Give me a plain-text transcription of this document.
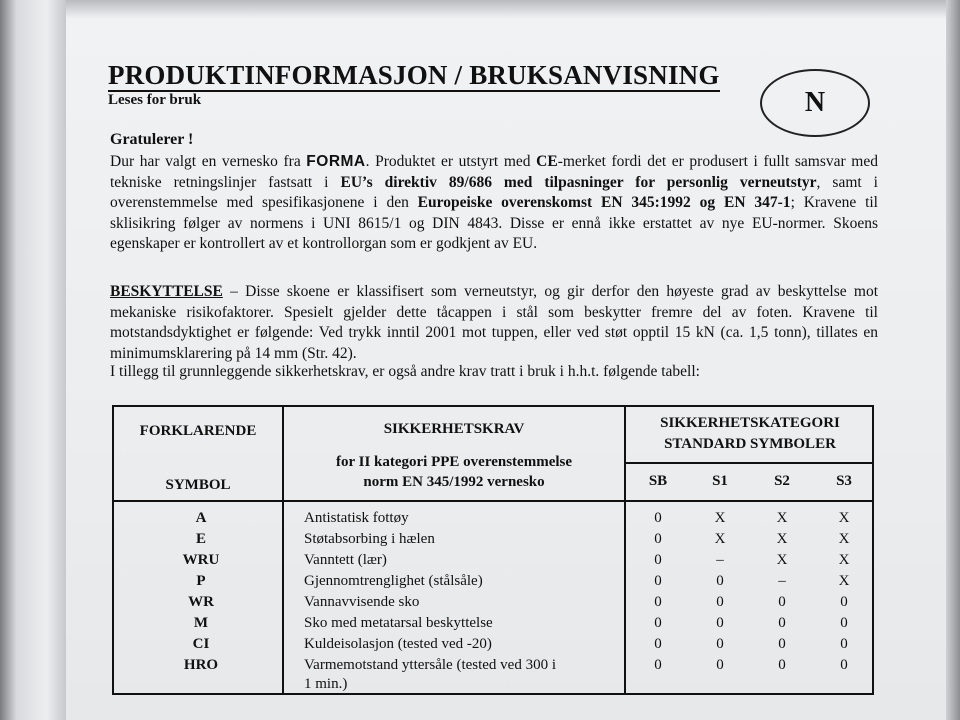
PRODUKTINFORMASJON / BRUKSANVISNING
Leses for bruk	N
Gratulerer !

Dur har valgt en vernesko fra FORMA. Produktet er utstyrt med CE-merket fordi det er produsert i fullt samsvar med tekniske retningslinjer fastsatt i EU’s direktiv 89/686 med tilpasninger for personlig verneutstyr, samt i overenstemmelse med spesifikasjonene i den Europeiske overenskomst EN 345:1992 og EN 347-1; Kravene til sklisikring følger av normens i UNI 8615/1 og DIN 4843. Disse er ennå ikke erstattet av nye EU-normer. Skoens egenskaper er kontrollert av et kontrollorgan som er godkjent av EU.

BESKYTTELSE – Disse skoene er klassifisert som verneutstyr, og gir derfor den høyeste grad av beskyttelse mot mekaniske risikofaktorer. Spesielt gjelder dette tåcappen i stål som beskytter fremre del av foten. Kravene til motstandsdyktighet er følgende: Ved trykk inntil 2001 mot tuppen, eller ved støt opptil 15 kN (ca. 1,5 tonn), tillates en minimumsklarering på 14 mm (Str. 42).

I tillegg til grunnleggende sikkerhetskrav, er også andre krav tratt i bruk i h.h.t. følgende tabell:
FORKLARENDE
SYMBOL
SIKKERHETSKRAV
for II kategori PPE overenstemmelse
norm EN 345/1992 vernesko
SIKKERHETSKATEGORI
STANDARD SYMBOLER
SB	S1	S2	S3
A	Antistatisk fottøy	0	X	X	X
E	Støtabsorbing i hælen	0	X	X	X
WRU	Vanntett (lær)	0	–	X	X
P	Gjennomtrenglighet (stålsåle)	0	0	–	X
WR	Vannavvisende sko	0	0	0	0
M	Sko med metatarsal beskyttelse	0	0	0	0
CI	Kuldeisolasjon (tested ved -20)	0	0	0	0
HRO	Varmemotstand yttersåle (tested ved 300 i	0	0	0	0
1 min.)
